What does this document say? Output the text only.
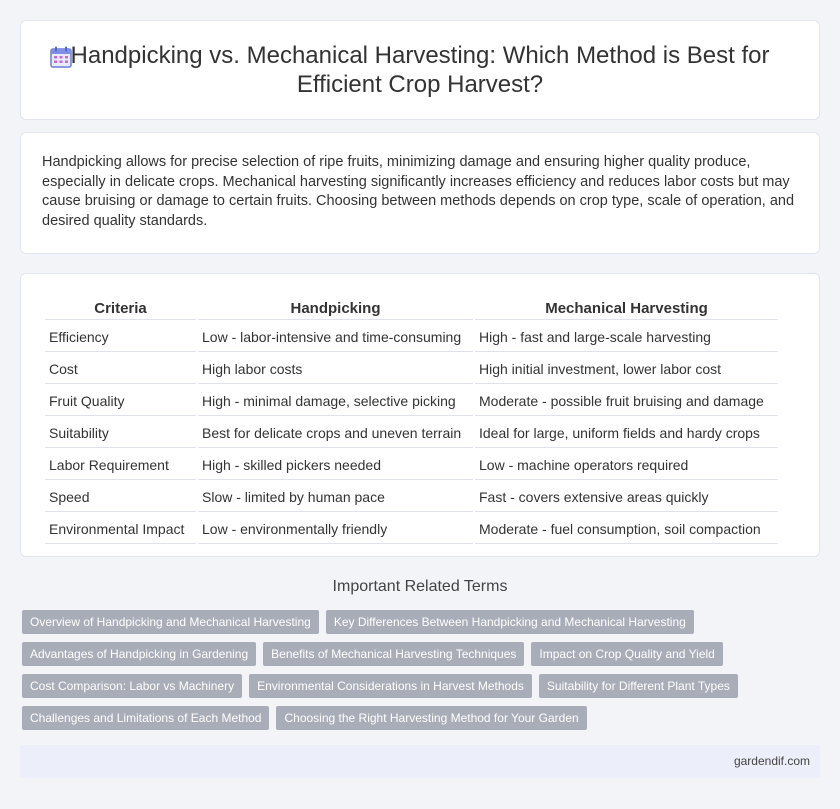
Handpicking vs. Mechanical Harvesting: Which Method is Best for Efficient Crop Harvest?

Handpicking allows for precise selection of ripe fruits, minimizing damage and ensuring higher quality produce, especially in delicate crops. Mechanical harvesting significantly increases efficiency and reduces labor costs but may cause bruising or damage to certain fruits. Choosing between methods depends on crop type, scale of operation, and desired quality standards.

Criteria	Handpicking	Mechanical Harvesting
Efficiency	Low - labor-intensive and time-consuming	High - fast and large-scale harvesting
Cost	High labor costs	High initial investment, lower labor cost
Fruit Quality	High - minimal damage, selective picking	Moderate - possible fruit bruising and damage
Suitability	Best for delicate crops and uneven terrain	Ideal for large, uniform fields and hardy crops
Labor Requirement	High - skilled pickers needed	Low - machine operators required
Speed	Slow - limited by human pace	Fast - covers extensive areas quickly
Environmental Impact	Low - environmentally friendly	Moderate - fuel consumption, soil compaction
Important Related Terms
Overview of Handpicking and Mechanical Harvesting	Key Differences Between Handpicking and Mechanical Harvesting
Advantages of Handpicking in Gardening	Benefits of Mechanical Harvesting Techniques	Impact on Crop Quality and Yield
Cost Comparison: Labor vs Machinery	Environmental Considerations in Harvest Methods	Suitability for Different Plant Types
Challenges and Limitations of Each Method	Choosing the Right Harvesting Method for Your Garden
gardendif.com
